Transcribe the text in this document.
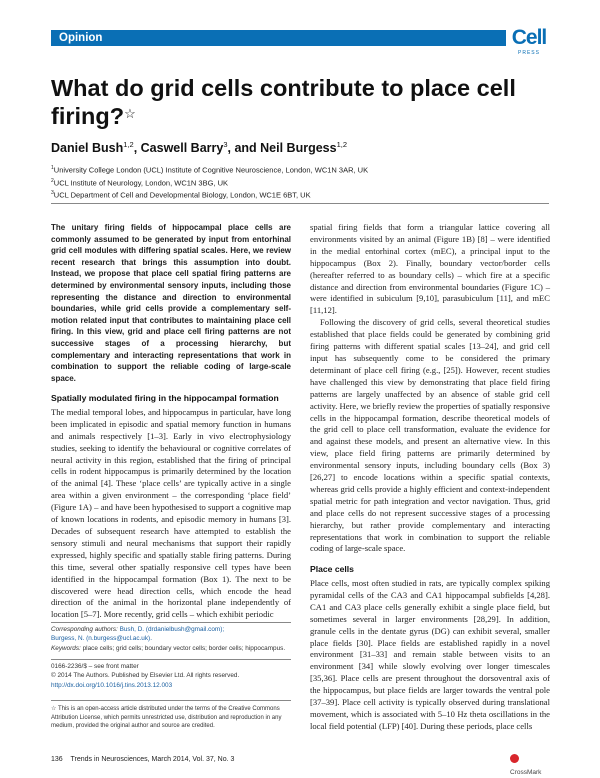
Opinion	Cell
PRESS
What do grid cells contribute to place cell firing?☆
Daniel Bush$^{1,2}$, Caswell Barry$^3$, and Neil Burgess$^{1,2}$
$^1$University College London (UCL) Institute of Cognitive Neuroscience, London, WC1N 3AR, UK
$^2$UCL Institute of Neurology, London, WC1N 3BG, UK
$^3$UCL Department of Cell and Developmental Biology, London, WC1E 6BT, UK

The unitary firing fields of hippocampal place cells are commonly assumed to be generated by input from entorhinal grid cell modules with differing spatial scales. Here, we review recent research that brings this assumption into doubt. Instead, we propose that place cell spatial firing patterns are determined by environmental sensory inputs, including those representing the distance and direction to environmental boundaries, while grid cells provide a complementary self-motion related input that contributes to maintaining place cell firing. In this view, grid and place cell firing patterns are not successive stages of a processing hierarchy, but complementary and interacting representations that work in combination to support the reliable coding of large-scale space.

Spatially modulated firing in the hippocampal formation

The medial temporal lobes, and hippocampus in particular, have long been implicated in episodic and spatial memory function in humans and animals respectively [1–3]. Early in vivo electrophysiology studies, seeking to identify the behavioural or cognitive correlates of neural activity in this region, established that the firing of principal cells in rodent hippocampus is primarily determined by the location of the animal [4]. These ‘place cells’ are typically active in a single area within a given environment – the corresponding ‘place field’ (Figure 1A) – and have been hypothesised to support a cognitive map of known locations in rodents, and episodic memory in humans [3]. Decades of subsequent research have attempted to establish the sensory stimuli and neural mechanisms that support their rapidly expressed, highly specific and spatially stable firing patterns. During this time, several other spatially responsive cell types have been identified in the hippocampal formation (Box 1). The next to be discovered were head direction cells, which encode the head direction of the animal in the horizontal plane independently of location [5–7]. More recently, grid cells – which exhibit periodic

Corresponding authors: Bush, D. (drdanielbush@gmail.com);
Burgess, N. (n.burgess@ucl.ac.uk).
Keywords: place cells; grid cells; boundary vector cells; border cells; hippocampus.
0166-2236/$ – see front matter
© 2014 The Authors. Published by Elsevier Ltd. All rights reserved.
http://dx.doi.org/10.1016/j.tins.2013.12.003
☆ This is an open-access article distributed under the terms of the Creative Commons Attribution License, which permits unrestricted use, distribution and reproduction in any medium, provided the original author and source are credited.

spatial firing fields that form a triangular lattice covering all environments visited by an animal (Figure 1B) [8] – were identified in the medial entorhinal cortex (mEC), a principal input to the hippocampus (Box 2). Finally, boundary vector/border cells (hereafter referred to as boundary cells) – which fire at a specific distance and direction from environmental boundaries (Figure 1C) – were identified in subiculum [9,10], parasubiculum [11], and mEC [11,12].

Following the discovery of grid cells, several theoretical studies established that place fields could be generated by combining grid firing patterns with different spatial scales [13–24], and grid cell input has subsequently come to be considered the primary determinant of place cell firing (e.g., [25]). However, recent studies have challenged this view by demonstrating that place field firing patterns are largely unaffected by an absence of stable grid cell activity. Here, we briefly review the properties of spatially responsive cells in the hippocampal formation, describe theoretical models of the grid cell to place cell transformation, evaluate the evidence for and against these models, and present an alternative view. In this view, place field firing patterns are primarily determined by environmental sensory inputs, including boundary cells (Box 3) [26,27] to encode locations within a specific spatial contexts, whereas grid cells provide a highly efficient and context-independent spatial metric for path integration and vector navigation. Thus, grid and place cells do not represent successive stages of a processing hierarchy, but rather provide complementary and interacting representations that work in combination to support the reliable coding of large-scale space.

Place cells

Place cells, most often studied in rats, are typically complex spiking pyramidal cells of the CA3 and CA1 hippocampal subfields [4,28]. CA1 and CA3 place cells generally exhibit a single place field, but sometimes several in larger environments [28,29]. In addition, granule cells in the dentate gyrus (DG) can exhibit several, smaller place fields [30]. Place fields are established rapidly in a novel environment [31–33] and remain stable between visits to an environment [34] while slowly evolving over longer timescales [35,36]. Place cells are present throughout the dorsoventral axis of the hippocampus, but place fields are larger towards the ventral pole [37–39]. Place cell activity is typically observed during translational movement, which is associated with 5–10 Hz theta oscillations in the local field potential (LFP) [40]. During these periods, place cells

136 Trends in Neurosciences, March 2014, Vol. 37, No. 3
CrossMark
